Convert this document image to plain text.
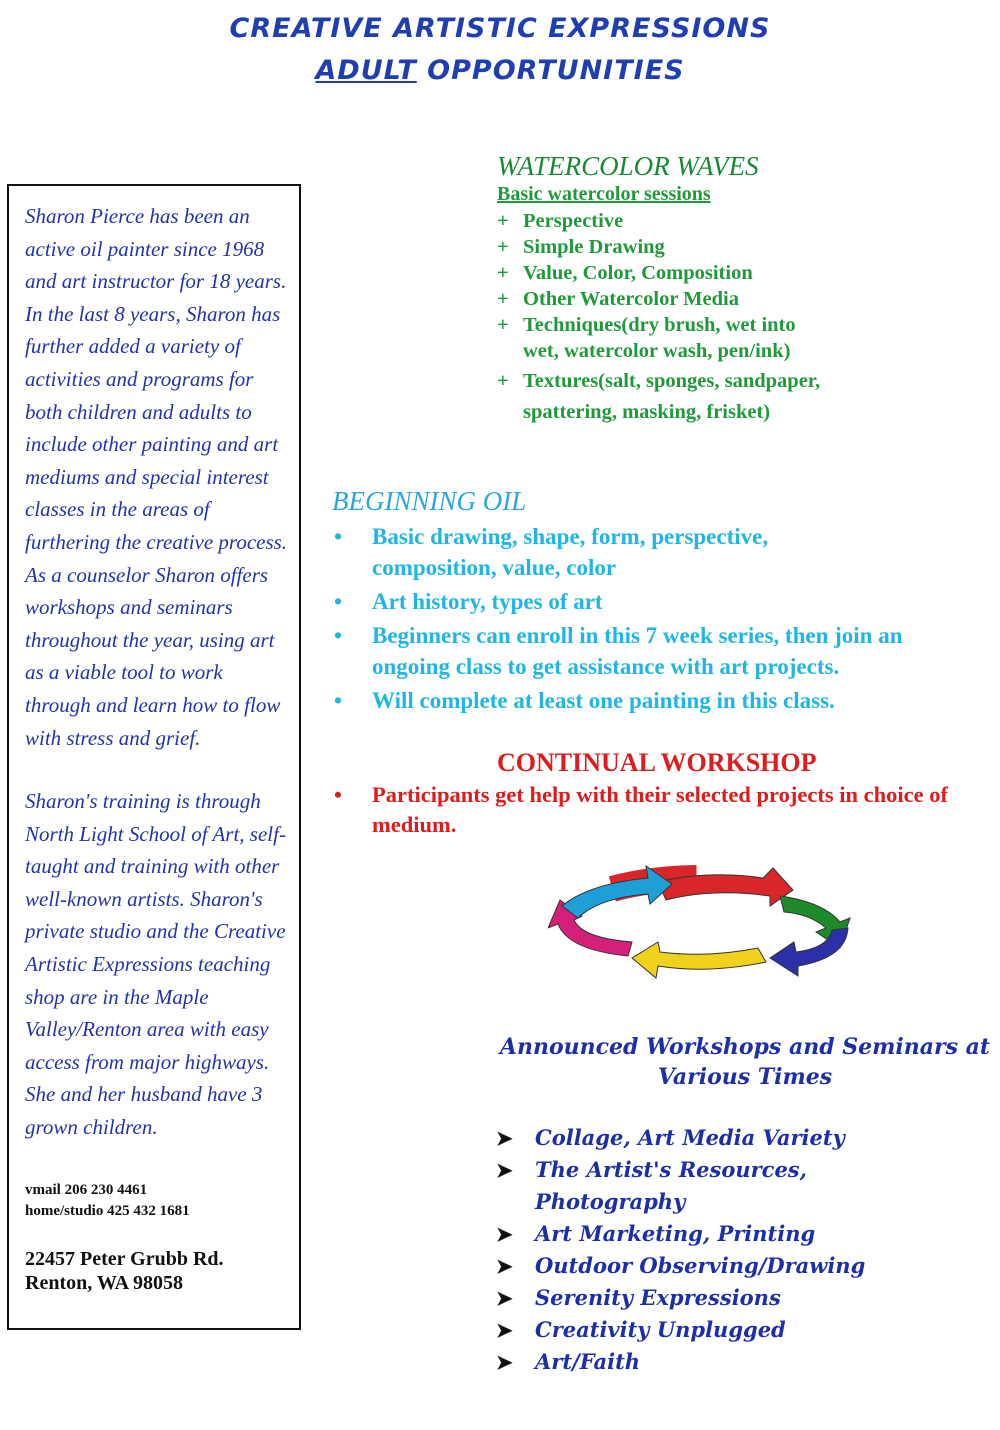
CREATIVE ARTISTIC EXPRESSIONS
ADULT OPPORTUNITIES

Sharon Pierce has been an active oil painter since 1968 and art instructor for 18 years. In the last 8 years, Sharon has further added a variety of activities and programs for both children and adults to include other painting and art mediums and special interest classes in the areas of furthering the creative process. As a counselor Sharon offers workshops and seminars throughout the year, using art as a viable tool to work through and learn how to flow with stress and grief.

Sharon's training is through North Light School of Art, self-taught and training with other well-known artists. Sharon's private studio and the Creative Artistic Expressions teaching shop are in the Maple Valley/Renton area with easy access from major highways. She and her husband have 3 grown children.

vmail 206 230 4461
home/studio 425 432 1681
22457 Peter Grubb Rd.
Renton, WA 98058
WATERCOLOR WAVES
Basic watercolor sessions
+ Perspective
+ Simple Drawing
+ Value, Color, Composition
+ Other Watercolor Media
+ Techniques(dry brush, wet into wet, watercolor wash, pen/ink)
+ Textures(salt, sponges, sandpaper, spattering, masking, frisket)
BEGINNING OIL
• Basic drawing, shape, form, perspective, composition, value, color
• Art history, types of art
• Beginners can enroll in this 7 week series, then join an ongoing class to get assistance with art projects.
• Will complete at least one painting in this class.
CONTINUAL WORKSHOP
• Participants get help with their selected projects in choice of medium.
Announced Workshops and Seminars at Various Times
➤ Collage, Art Media Variety
➤ The Artist's Resources, Photography
➤ Art Marketing, Printing
➤ Outdoor Observing/Drawing
➤ Serenity Expressions
➤ Creativity Unplugged
➤ Art/Faith
